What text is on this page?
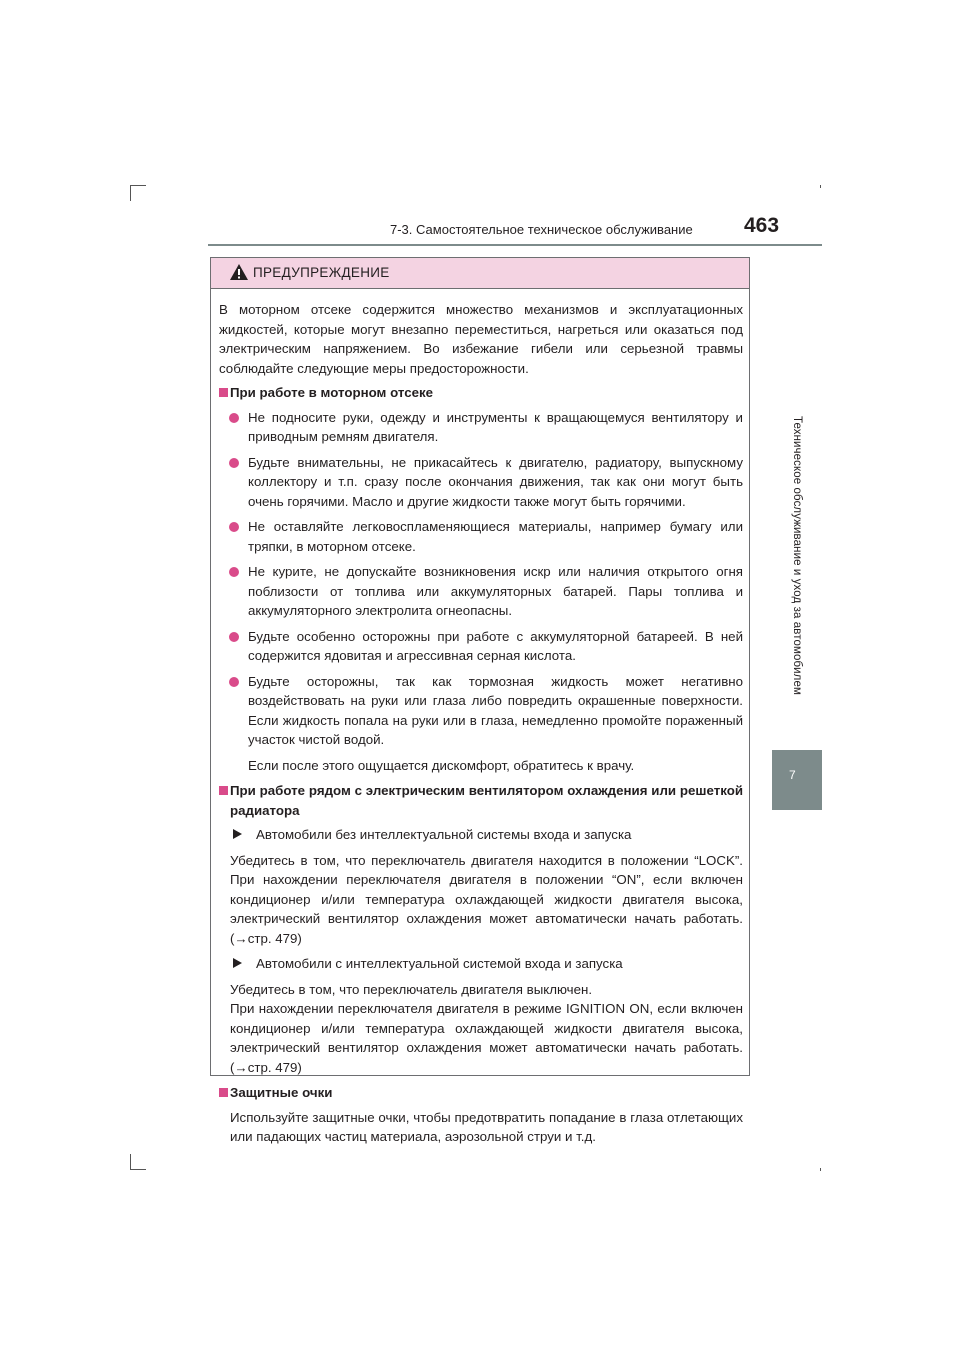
7-3. Самостоятельное техническое обслуживание 463
Техническое обслуживание и уход за автомобилем
7
ПРЕДУПРЕЖДЕНИЕ

В моторном отсеке содержится множество механизмов и эксплуатационных жидкостей, которые могут внезапно переместиться, нагреться или оказаться под электрическим напряжением. Во избежание гибели или серьезной травмы соблюдайте следующие меры предосторожности.

При работе в моторном отсеке
Не подносите руки, одежду и инструменты к вращающемуся вентилятору и приводным ремням двигателя.
Будьте внимательны, не прикасайтесь к двигателю, радиатору, выпускному коллектору и т.п. сразу после окончания движения, так как они могут быть очень горячими. Масло и другие жидкости также могут быть горячими.
Не оставляйте легковоспламеняющиеся материалы, например бумагу или тряпки, в моторном отсеке.
Не курите, не допускайте возникновения искр или наличия открытого огня поблизости от топлива или аккумуляторных батарей. Пары топлива и аккумуляторного электролита огнеопасны.
Будьте особенно осторожны при работе с аккумуляторной батареей. В ней содержится ядовитая и агрессивная серная кислота.
Будьте осторожны, так как тормозная жидкость может негативно воздействовать на руки или глаза либо повредить окрашенные поверхности. Если жидкость попала на руки или в глаза, немедленно промойте пораженный участок чистой водой.

Если после этого ощущается дискомфорт, обратитесь к врачу.

При работе рядом с электрическим вентилятором охлаждения или решеткой радиатора
Автомобили без интеллектуальной системы входа и запуска

Убедитесь в том, что переключатель двигателя находится в положении “LOCK”. При нахождении переключателя двигателя в положении “ON”, если включен кондиционер и/или температура охлаждающей жидкости двигателя высока, электрический вентилятор охлаждения может автоматически начать работать. (→стр. 479)

Автомобили с интеллектуальной системой входа и запуска

Убедитесь в том, что переключатель двигателя выключен.

При нахождении переключателя двигателя в режиме IGNITION ON, если включен кондиционер и/или температура охлаждающей жидкости двигателя высока, электрический вентилятор охлаждения может автоматически начать работать. (→стр. 479)

Защитные очки

Используйте защитные очки, чтобы предотвратить попадание в глаза отлетающих или падающих частиц материала, аэрозольной струи и т.д.
